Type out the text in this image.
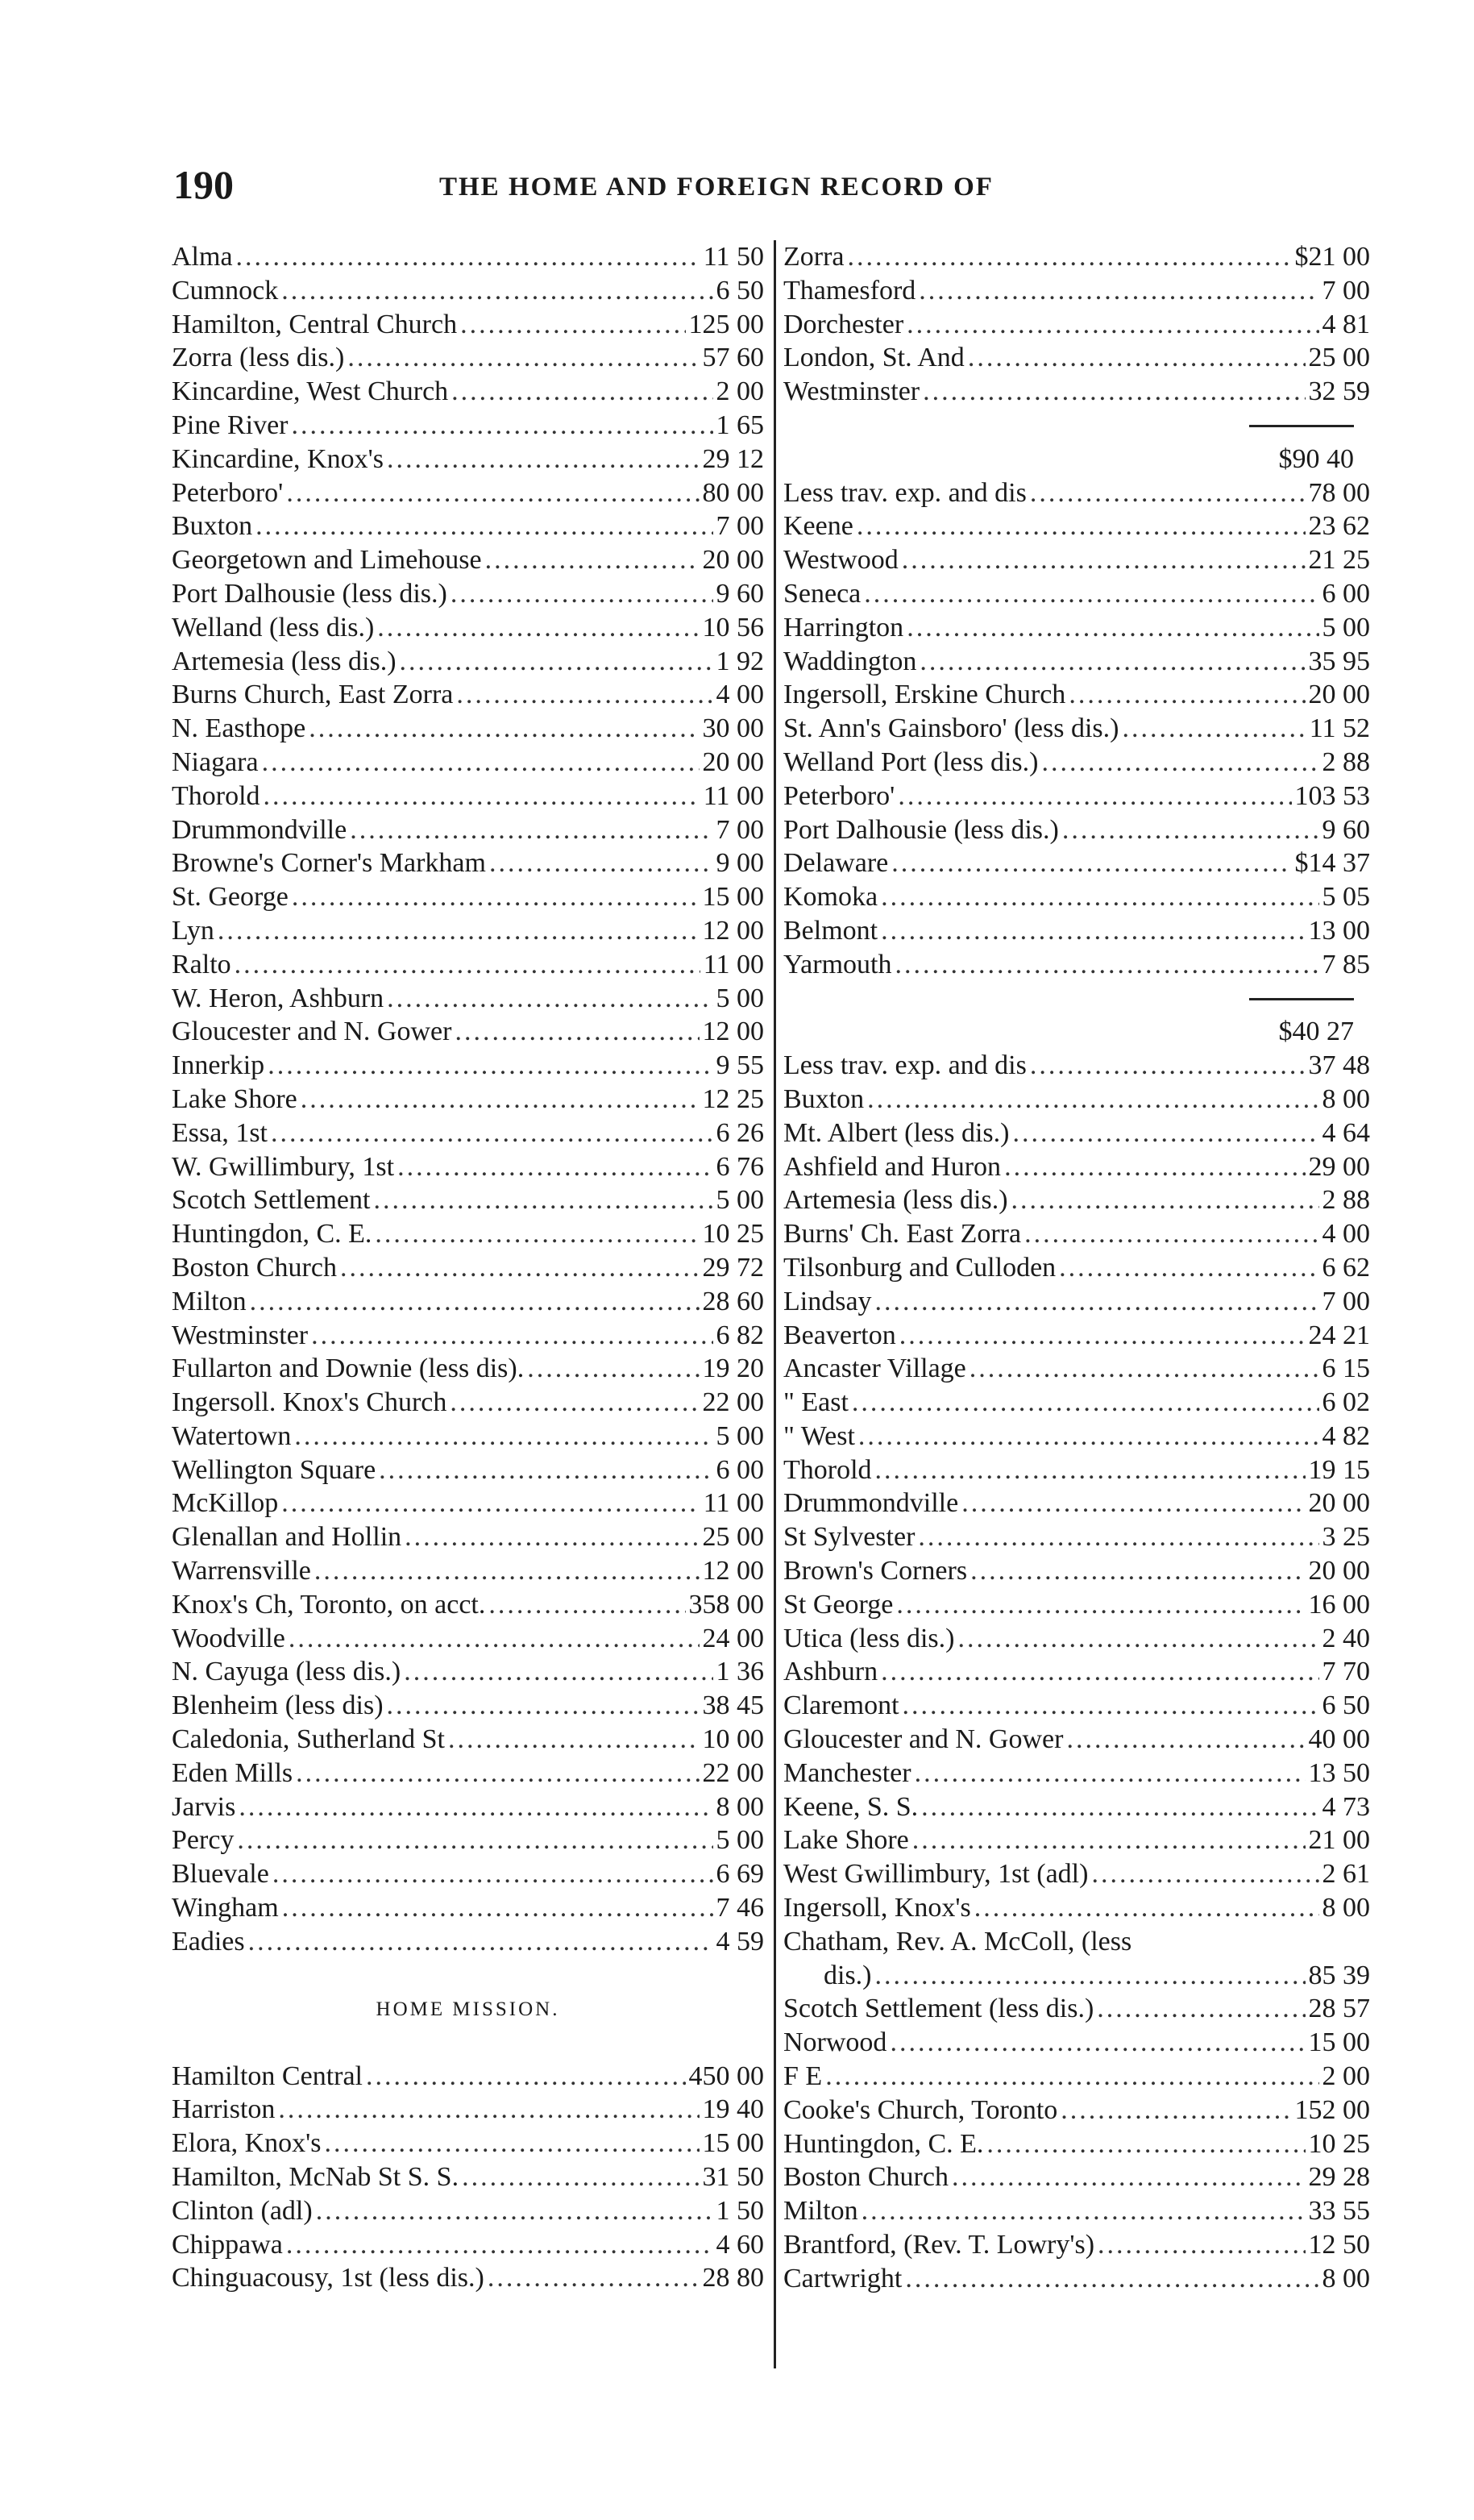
190	THE HOME AND FOREIGN RECORD OF
Alma .....	11 50
Cumnock .....	6 50
Hamilton, Central Church .....	125 00
Zorra (less dis.) .....	57 60
Kincardine, West Church .....	2 00
Pine River .....	1 65
Kincardine, Knox's .....	29 12
Peterboro' .....	80 00
Buxton .....	7 00
Georgetown and Limehouse .....	20 00
Port Dalhousie (less dis.) .....	9 60
Welland (less dis.) .....	10 56
Artemesia (less dis.) .....	1 92
Burns Church, East Zorra .....	4 00
N. Easthope .....	30 00
Niagara .....	20 00
Thorold .....	11 00
Drummondville .....	7 00
Browne's Corner's Markham .....	9 00
St. George .....	15 00
Lyn .....	12 00
Ralto .....	11 00
W. Heron, Ashburn .....	5 00
Gloucester and N. Gower .....	12 00
Innerkip .....	9 55
Lake Shore .....	12 25
Essa, 1st .....	6 26
W. Gwillimbury, 1st .....	6 76
Scotch Settlement .....	5 00
Huntingdon, C. E. .....	10 25
Boston Church .....	29 72
Milton .....	28 60
Westminster .....	6 82
Fullarton and Downie (less dis). .....	19 20
Ingersoll. Knox's Church .....	22 00
Watertown .....	5 00
Wellington Square .....	6 00
McKillop .....	11 00
Glenallan and Hollin .....	25 00
Warrensville .....	12 00
Knox's Ch, Toronto, on acct. .....	358 00
Woodville .....	24 00
N. Cayuga (less dis.) .....	1 36
Blenheim (less dis) .....	38 45
Caledonia, Sutherland St .....	10 00
Eden Mills .....	22 00
Jarvis .....	8 00
Percy .....	5 00
Bluevale .....	6 69
Wingham .....	7 46
Eadies .....	4 59
HOME MISSION.
Hamilton Central .....	450 00
Harriston .....	19 40
Elora, Knox's .....	15 00
Hamilton, McNab St S. S. .....	31 50
Clinton (adl) .....	1 50
Chippawa .....	4 60
Chinguacousy, 1st (less dis.) .....	28 80
Zorra .....	$21 00
Thamesford .....	7 00
Dorchester .....	4 81
London, St. And .....	25 00
Westminster .....	32 59
$90 40
Less trav. exp. and dis .....	78 00
Keene .....	23 62
Westwood .....	21 25
Seneca .....	6 00
Harrington .....	5 00
Waddington .....	35 95
Ingersoll, Erskine Church .....	20 00
St. Ann's Gainsboro' (less dis.) .....	11 52
Welland Port (less dis.) .....	2 88
Peterboro' .....	103 53
Port Dalhousie (less dis.) .....	9 60
Delaware .....	$14 37
Komoka .....	5 05
Belmont .....	13 00
Yarmouth .....	7 85
$40 27
Less trav. exp. and dis .....	37 48
Buxton .....	8 00
Mt. Albert (less dis.) .....	4 64
Ashfield and Huron .....	29 00
Artemesia (less dis.) .....	2 88
Burns' Ch. East Zorra .....	4 00
Tilsonburg and Culloden .....	6 62
Lindsay .....	7 00
Beaverton .....	24 21
Ancaster Village .....	6 15
" East .....	6 02
" West .....	4 82
Thorold .....	19 15
Drummondville .....	20 00
St Sylvester .....	3 25
Brown's Corners .....	20 00
St George .....	16 00
Utica (less dis.) .....	2 40
Ashburn .....	7 70
Claremont .....	6 50
Gloucester and N. Gower .....	40 00
Manchester .....	13 50
Keene, S. S. .....	4 73
Lake Shore .....	21 00
West Gwillimbury, 1st (adl) .....	2 61
Ingersoll, Knox's .....	8 00
Chatham, Rev. A. McColl, (less
dis.) .....	85 39
Scotch Settlement (less dis.) .....	28 57
Norwood .....	15 00
F E .....	2 00
Cooke's Church, Toronto .....	152 00
Huntingdon, C. E. .....	10 25
Boston Church .....	29 28
Milton .....	33 55
Brantford, (Rev. T. Lowry's) .....	12 50
Cartwright .....	8 00
